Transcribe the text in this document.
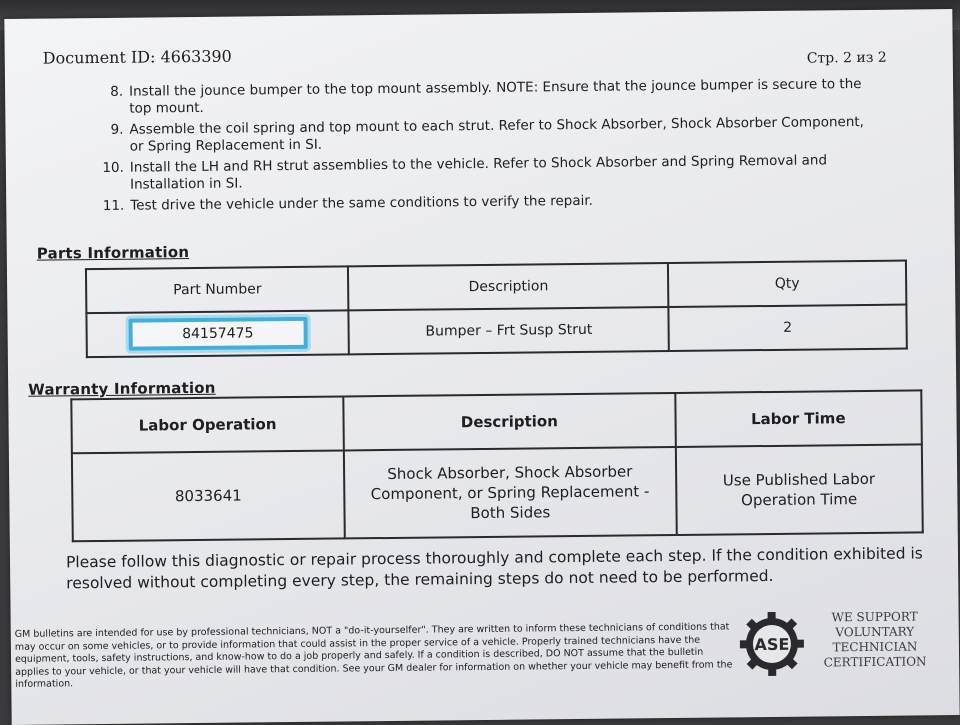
Document ID: 4663390	Стр. 2 из 2
8. Install the jounce bumper to the top mount assembly. NOTE: Ensure that the jounce bumper is secure to the top mount.
9. Assemble the coil spring and top mount to each strut. Refer to Shock Absorber, Shock Absorber Component, or Spring Replacement in SI.
10. Install the LH and RH strut assemblies to the vehicle. Refer to Shock Absorber and Spring Removal and Installation in SI.
11. Test drive the vehicle under the same conditions to verify the repair.
Parts Information
Part Number	Description	Qty
84157475	Bumper – Frt Susp Strut	2
Warranty Information
Labor Operation	Description	Labor Time
8033641	Shock Absorber, Shock Absorber Component, or Spring Replacement - Both Sides	Use Published Labor Operation Time
Please follow this diagnostic or repair process thoroughly and complete each step. If the condition exhibited is resolved without completing every step, the remaining steps do not need to be performed.
GM bulletins are intended for use by professional technicians, NOT a "do-it-yourselfer". They are written to inform these technicians of conditions that may occur on some vehicles, or to provide information that could assist in the proper service of a vehicle. Properly trained technicians have the equipment, tools, safety instructions, and know-how to do a job properly and safely. If a condition is described, DO NOT assume that the bulletin applies to your vehicle, or that your vehicle will have that condition. See your GM dealer for information on whether your vehicle may benefit from the information.
ASE
WE SUPPORT VOLUNTARY TECHNICIAN CERTIFICATION
